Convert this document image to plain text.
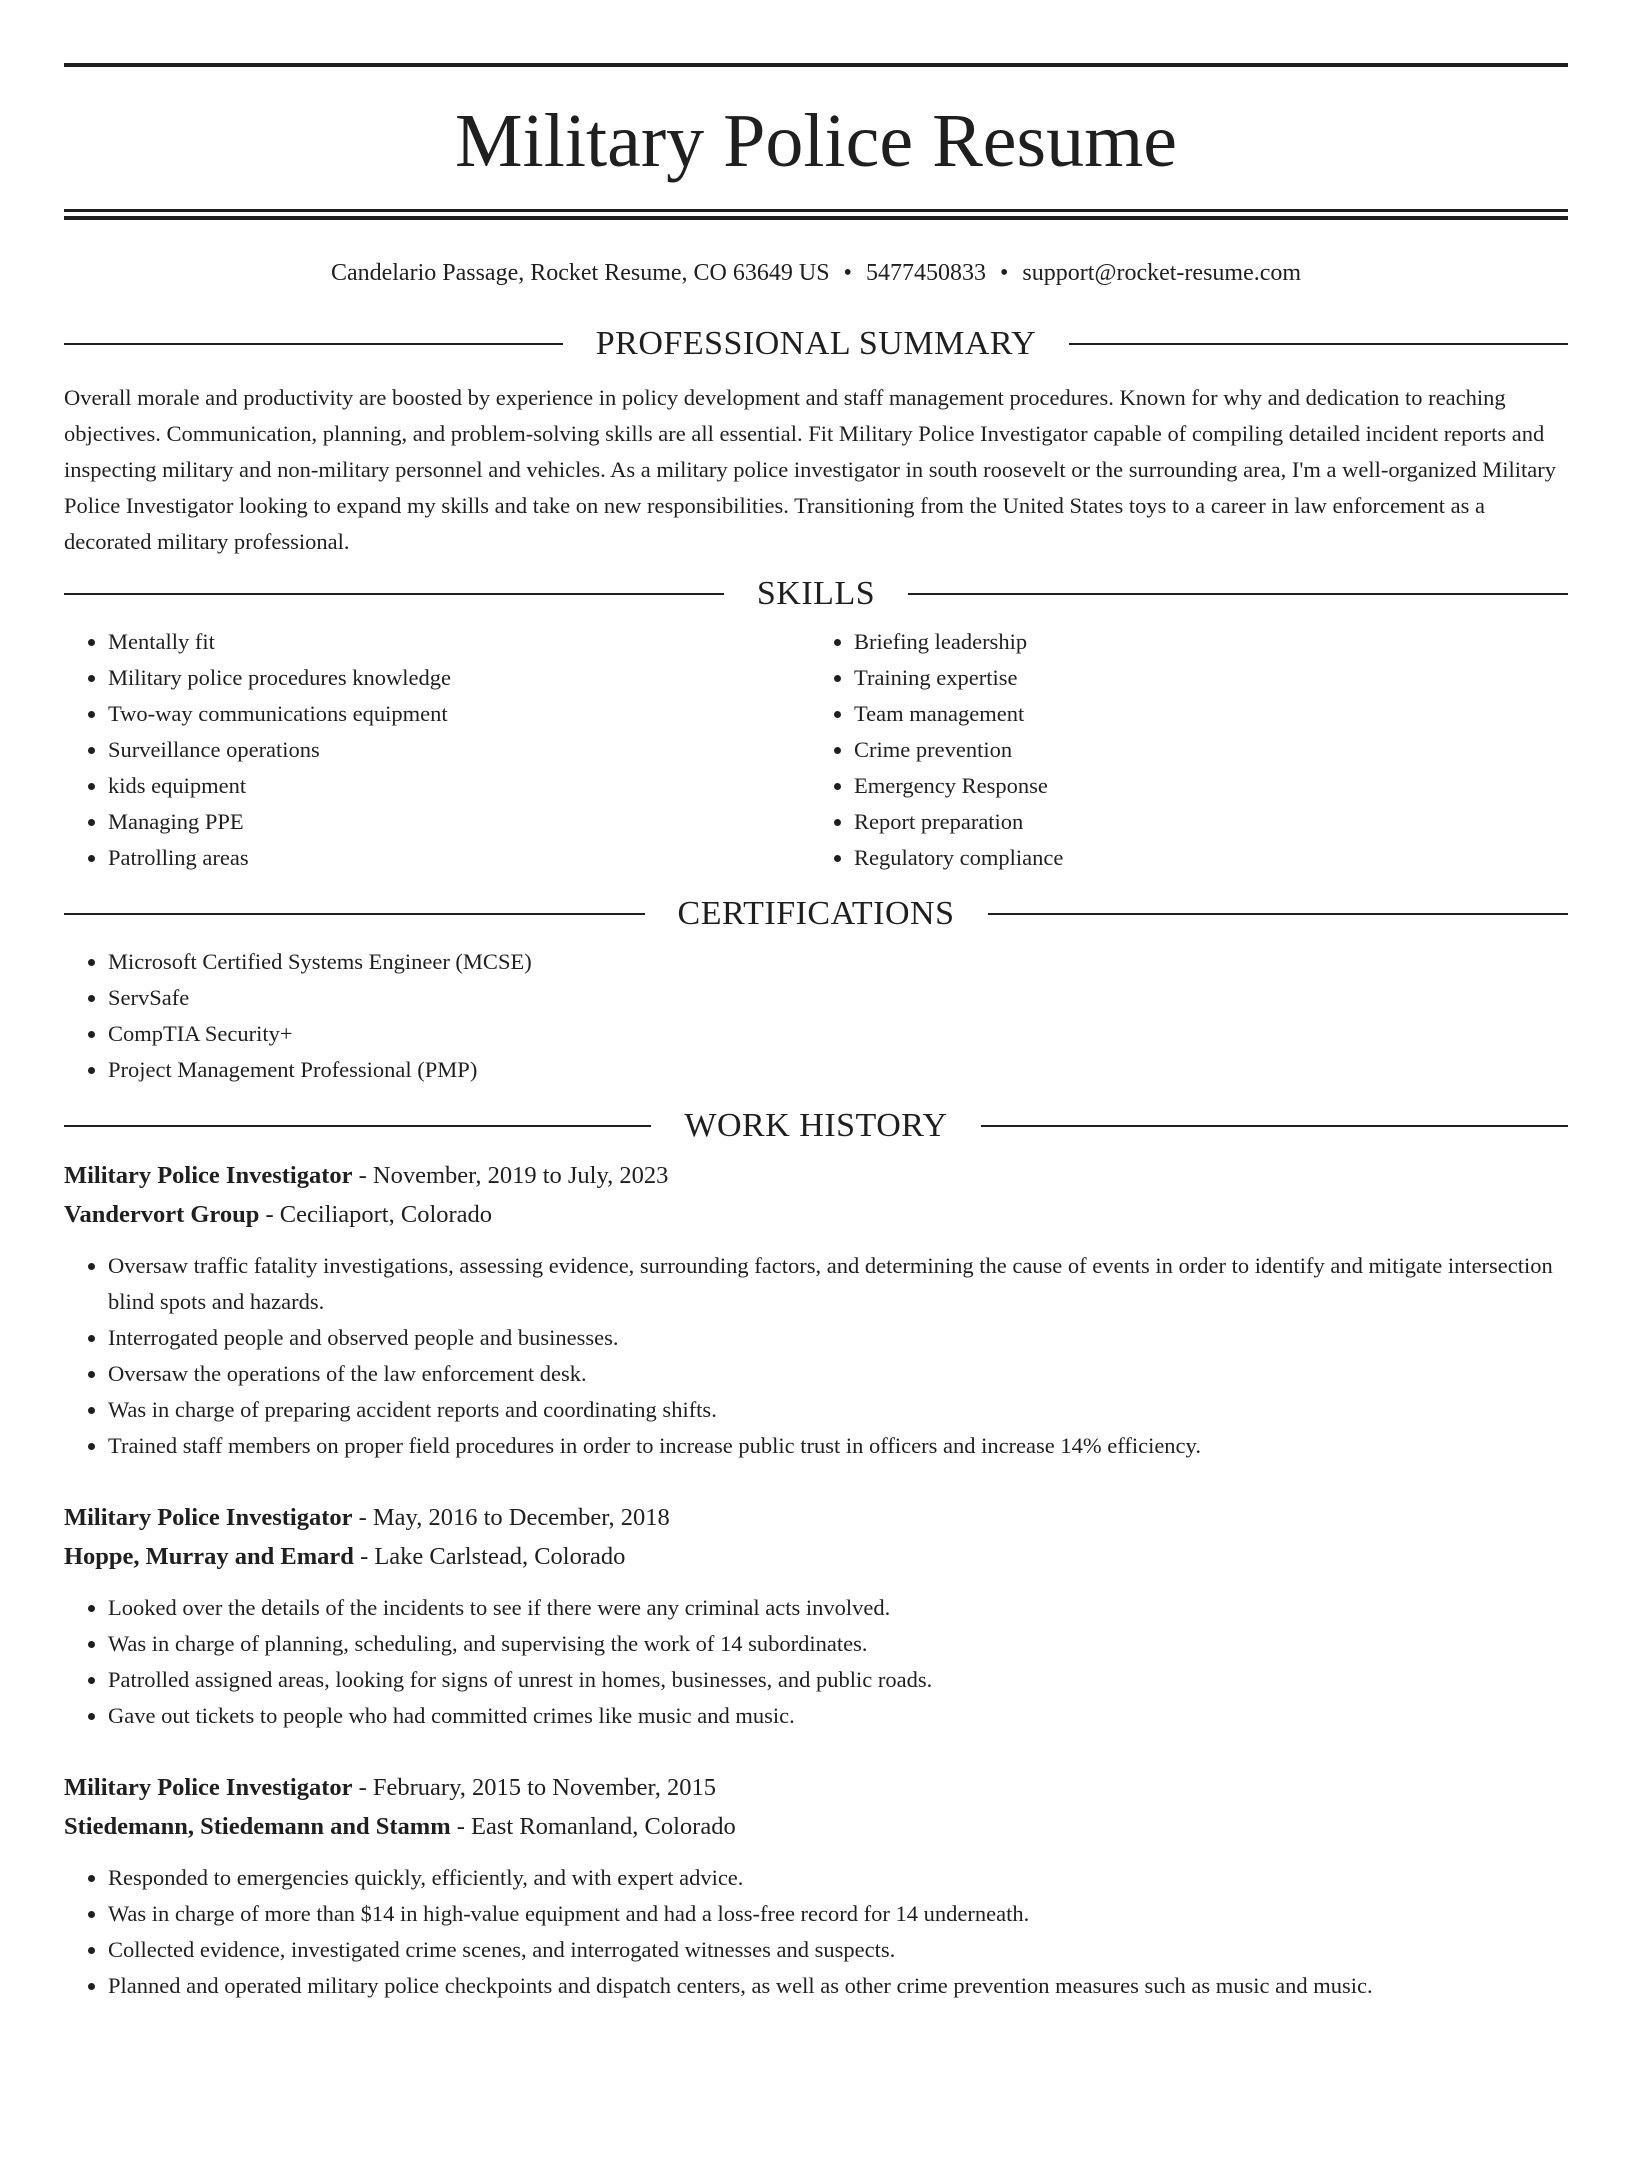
Military Police Resume
Candelario Passage, Rocket Resume, CO 63649 US • 5477450833 • support@rocket-resume.com
PROFESSIONAL SUMMARY
Overall morale and productivity are boosted by experience in policy development and staff management procedures. Known for why and dedication to reaching objectives. Communication, planning, and problem-solving skills are all essential. Fit Military Police Investigator capable of compiling detailed incident reports and inspecting military and non-military personnel and vehicles. As a military police investigator in south roosevelt or the surrounding area, I'm a well-organized Military Police Investigator looking to expand my skills and take on new responsibilities. Transitioning from the United States toys to a career in law enforcement as a decorated military professional.
SKILLS
• Mentally fit
• Military police procedures knowledge
• Two-way communications equipment
• Surveillance operations
• kids equipment
• Managing PPE
• Patrolling areas
• Briefing leadership
• Training expertise
• Team management
• Crime prevention
• Emergency Response
• Report preparation
• Regulatory compliance
CERTIFICATIONS
• Microsoft Certified Systems Engineer (MCSE)
• ServSafe
• CompTIA Security+
• Project Management Professional (PMP)
WORK HISTORY
Military Police Investigator - November, 2019 to July, 2023
Vandervort Group - Ceciliaport, Colorado
• Oversaw traffic fatality investigations, assessing evidence, surrounding factors, and determining the cause of events in order to identify and mitigate intersection blind spots and hazards.
• Interrogated people and observed people and businesses.
• Oversaw the operations of the law enforcement desk.
• Was in charge of preparing accident reports and coordinating shifts.
• Trained staff members on proper field procedures in order to increase public trust in officers and increase 14% efficiency.
Military Police Investigator - May, 2016 to December, 2018
Hoppe, Murray and Emard - Lake Carlstead, Colorado
• Looked over the details of the incidents to see if there were any criminal acts involved.
• Was in charge of planning, scheduling, and supervising the work of 14 subordinates.
• Patrolled assigned areas, looking for signs of unrest in homes, businesses, and public roads.
• Gave out tickets to people who had committed crimes like music and music.
Military Police Investigator - February, 2015 to November, 2015
Stiedemann, Stiedemann and Stamm - East Romanland, Colorado
• Responded to emergencies quickly, efficiently, and with expert advice.
• Was in charge of more than $14 in high-value equipment and had a loss-free record for 14 underneath.
• Collected evidence, investigated crime scenes, and interrogated witnesses and suspects.
• Planned and operated military police checkpoints and dispatch centers, as well as other crime prevention measures such as music and music.
